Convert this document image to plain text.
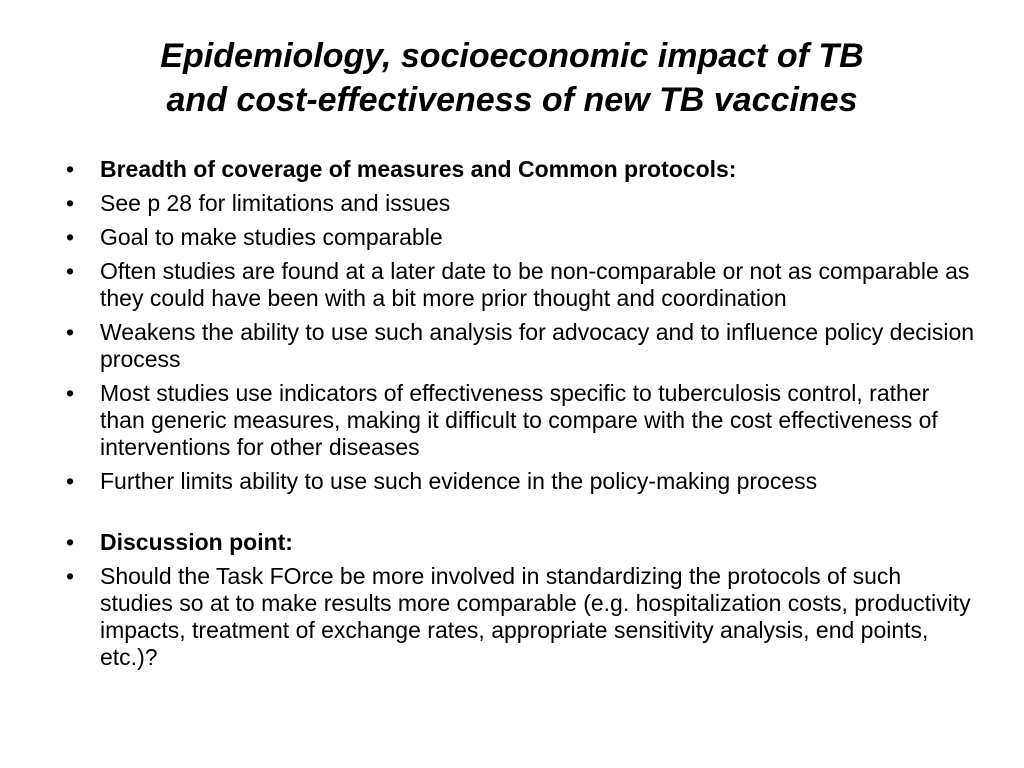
Epidemiology, socioeconomic impact of TB
and cost-effectiveness of new TB vaccines
• Breadth of coverage of measures and Common protocols:
• See p 28 for limitations and issues
• Goal to make studies comparable
• Often studies are found at a later date to be non-comparable or not as comparable as they could have been with a bit more prior thought and coordination
• Weakens the ability to use such analysis for advocacy and to influence policy decision process
• Most studies use indicators of effectiveness specific to tuberculosis control, rather than generic measures, making it difficult to compare with the cost effectiveness of interventions for other diseases
• Further limits ability to use such evidence in the policy-making process
• Discussion point:
• Should the Task FOrce be more involved in standardizing the protocols of such studies so at to make results more comparable (e.g. hospitalization costs, productivity impacts, treatment of exchange rates, appropriate sensitivity analysis, end points, etc.)?
